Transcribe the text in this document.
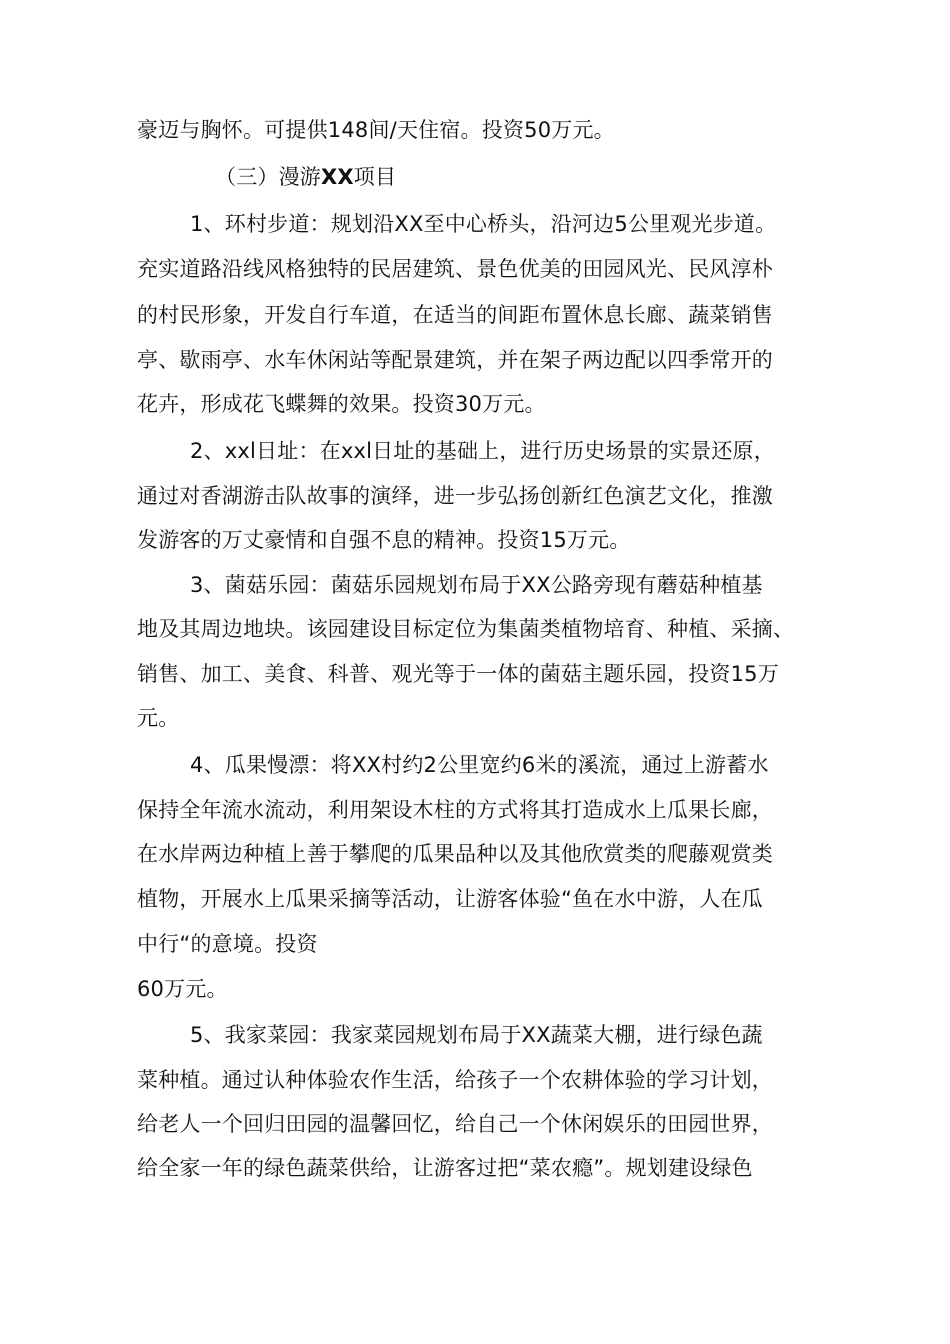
豪迈与胸怀。可提供148间/天住宿。投资50万元。
（三）漫游XX项目
1、环村步道：规划沿XX至中心桥头，沿河边5公里观光步道。
充实道路沿线风格独特的民居建筑、景色优美的田园风光、民风淳朴
的村民形象，开发自行车道，在适当的间距布置休息长廊、蔬菜销售
亭、歇雨亭、水车休闲站等配景建筑，并在架子两边配以四季常开的
花卉，形成花飞蝶舞的效果。投资30万元。
2、xxl日址：在xxl日址的基础上，进行历史场景的实景还原，
通过对香湖游击队故事的演绎，进一步弘扬创新红色演艺文化，推激
发游客的万丈豪情和自强不息的精神。投资15万元。
3、菌菇乐园：菌菇乐园规划布局于XX公路旁现有蘑菇种植基
地及其周边地块。该园建设目标定位为集菌类植物培育、种植、采摘、
销售、加工、美食、科普、观光等于一体的菌菇主题乐园，投资15万
元。
4、瓜果慢漂：将XX村约2公里宽约6米的溪流，通过上游蓄水
保持全年流水流动，利用架设木柱的方式将其打造成水上瓜果长廊，
在水岸两边种植上善于攀爬的瓜果品种以及其他欣赏类的爬藤观赏类
植物，开展水上瓜果采摘等活动，让游客体验“鱼在水中游，人在瓜
中行“的意境。投资
60万元。
5、我家菜园：我家菜园规划布局于XX蔬菜大棚，进行绿色蔬
菜种植。通过认种体验农作生活，给孩子一个农耕体验的学习计划，
给老人一个回归田园的温馨回忆，给自己一个休闲娱乐的田园世界，
给全家一年的绿色蔬菜供给，让游客过把“菜农瘾”。规划建设绿色
